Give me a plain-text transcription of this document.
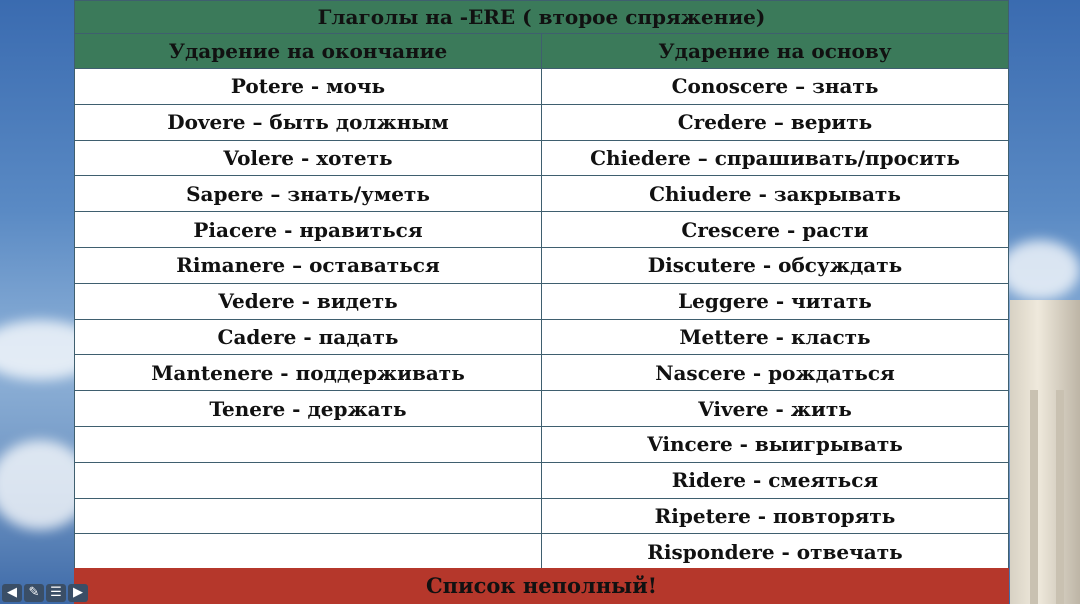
Глаголы на -ERE ( второе спряжение)	
Ударение на окончание	Ударение на основу
Potere - мочь	Conoscere – знать
Dovere – быть должным	Credere – верить
Volere - хотеть	Chiedere – спрашивать/просить
Sapere – знать/уметь	Chiudere - закрывать
Piacere - нравиться	Crescere - расти
Rimanere – оставаться	Discutere - обсуждать
Vedere - видеть	Leggere - читать
Cadere - падать	Mettere - класть
Mantenere - поддерживать	Nascere - рождаться
Tenere - держать	Vivere - жить
	Vincere - выигрывать
	Ridere - смеяться
	Ripetere - повторять
	Rispondere - отвечать
Список неполный!
◀ ✎ ☰ ▶
